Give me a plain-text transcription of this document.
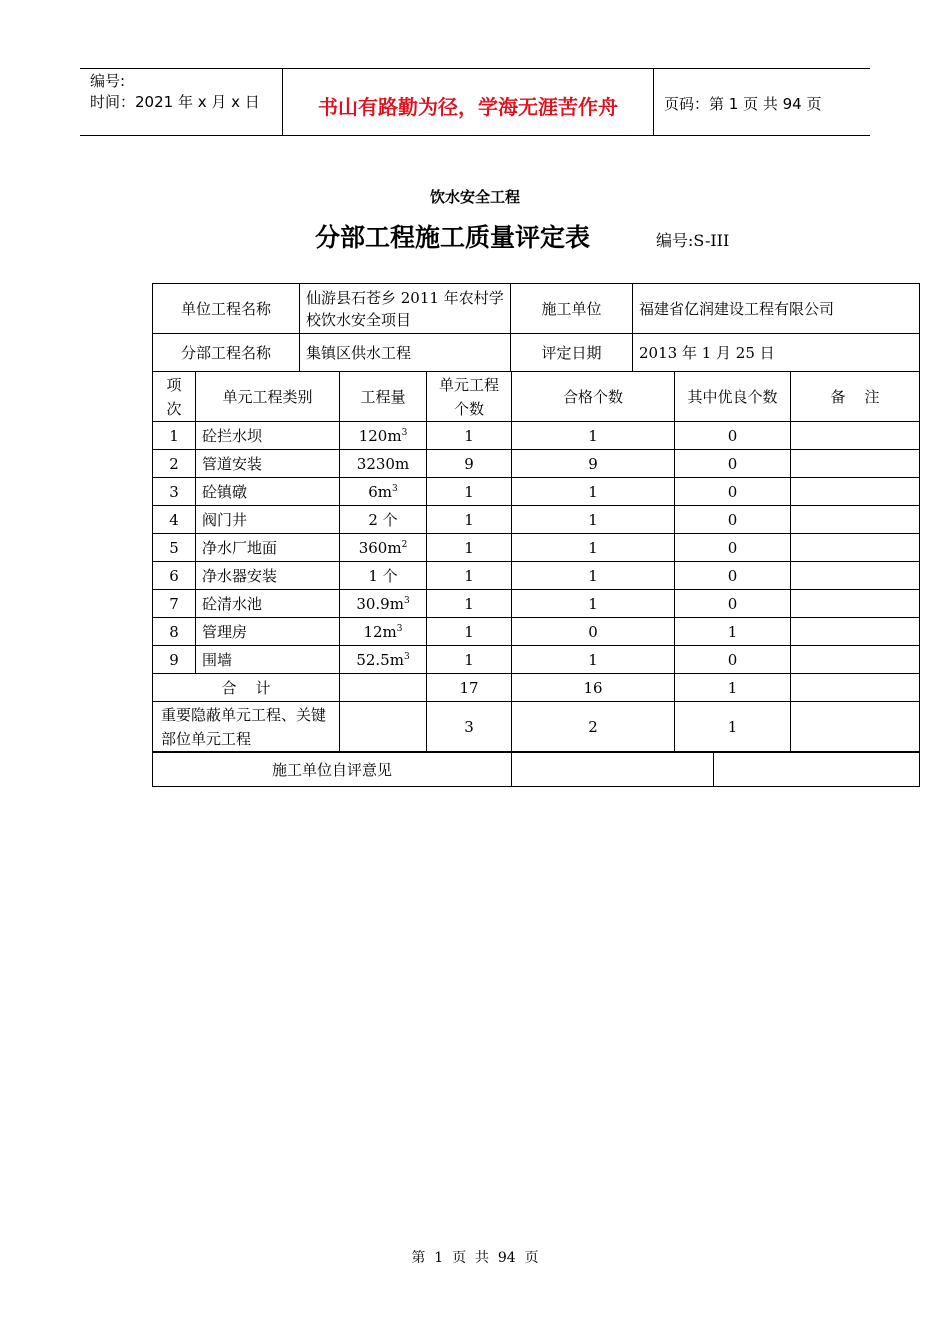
编号:
时间：2021 年 x 月 x 日	书山有路勤为径，学海无涯苦作舟	页码：第 1 页 共 94 页
饮水安全工程
分部工程施工质量评定表	编号:S-III
单位工程名称	仙游县石苍乡 2011 年农村学校饮水安全项目	施工单位	福建省亿润建设工程有限公司
分部工程名称	集镇区供水工程	评定日期	2013 年 1 月 25 日
项次	单元工程类别	工程量	单元工程个数	合格个数	其中优良个数	备    注
1	砼拦水坝	$120m^3$	1	1	0	
2	管道安装	3230m	9	9	0	
3	砼镇礅	$6m^3$	1	1	0	
4	阀门井	2 个	1	1	0	
5	净水厂地面	$360m^2$	1	1	0	
6	净水器安装	1 个	1	1	0	
7	砼清水池	$30.9m^3$	1	1	0	
8	管理房	$12m^3$	1	0	1	
9	围墙	$52.5m^3$	1	1	0	
合    计			17	16	1	
重要隐蔽单元工程、关键部位单元工程			3	2	1	
施工单位自评意见		
第  1  页  共  94  页
